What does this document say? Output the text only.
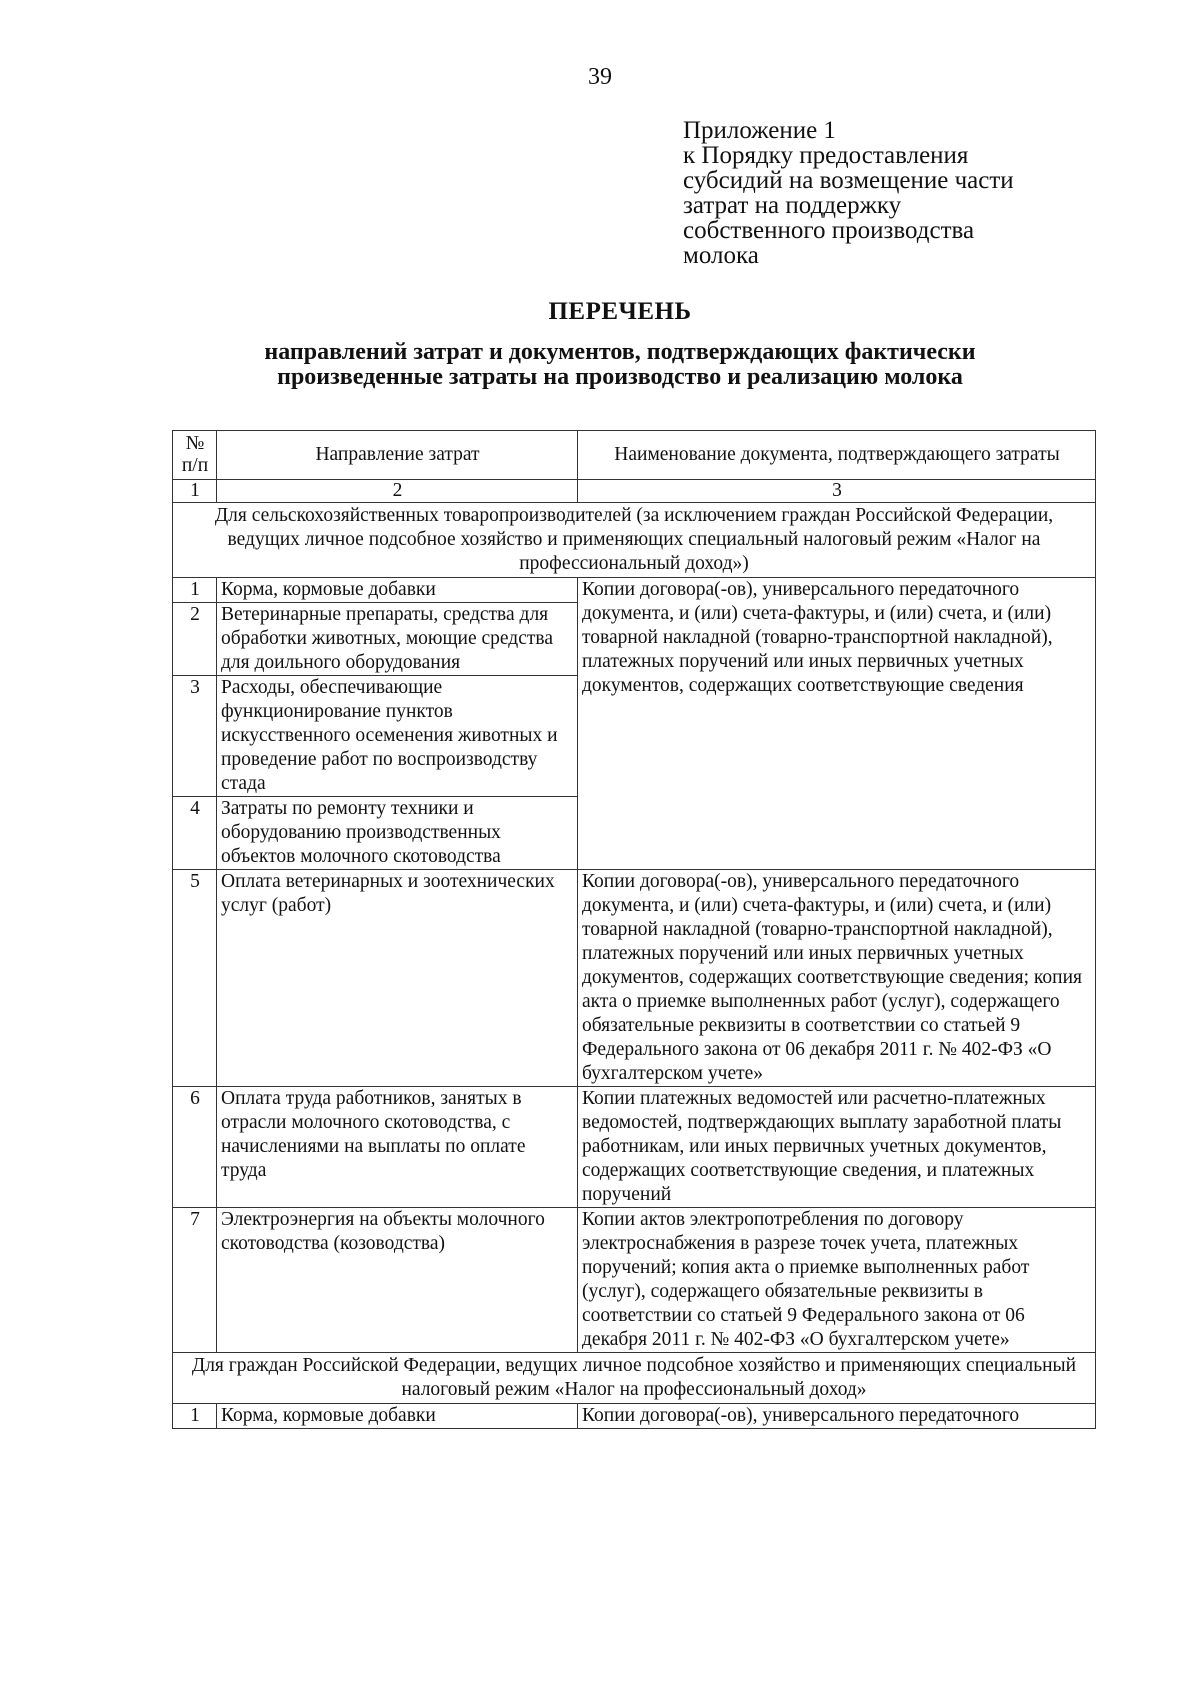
39
Приложение 1
к Порядку предоставления
субсидий на возмещение части
затрат на поддержку
собственного производства
молока
ПЕРЕЧЕНЬ
направлений затрат и документов, подтверждающих фактически
произведенные затраты на производство и реализацию молока
№
п/п	Направление затрат	Наименование документа, подтверждающего затраты
1	2	3
Для сельскохозяйственных товаропроизводителей (за исключением граждан Российской Федерации, ведущих личное подсобное хозяйство и применяющих специальный налоговый режим «Налог на профессиональный доход»)		
1	Корма, кормовые добавки	Копии договора(-ов), универсального передаточного документа, и (или) счета-фактуры, и (или) счета, и (или) товарной накладной (товарно-транспортной накладной), платежных поручений или иных первичных учетных документов, содержащих соответствующие сведения
2	Ветеринарные препараты, средства для обработки животных, моющие средства для доильного оборудования	
3	Расходы, обеспечивающие функционирование пунктов искусственного осеменения животных и проведение работ по воспроизводству стада	
4	Затраты по ремонту техники и оборудованию производственных объектов молочного скотоводства	
5	Оплата ветеринарных и зоотехнических услуг (работ)	Копии договора(-ов), универсального передаточного документа, и (или) счета-фактуры, и (или) счета, и (или) товарной накладной (товарно-транспортной накладной), платежных поручений или иных первичных учетных документов, содержащих соответствующие сведения; копия акта о приемке выполненных работ (услуг), содержащего обязательные реквизиты в соответствии со статьей 9 Федерального закона от 06 декабря 2011 г. № 402-ФЗ «О бухгалтерском учете»
6	Оплата труда работников, занятых в отрасли молочного скотоводства, с начислениями на выплаты по оплате труда	Копии платежных ведомостей или расчетно-платежных ведомостей, подтверждающих выплату заработной платы работникам, или иных первичных учетных документов, содержащих соответствующие сведения, и платежных поручений
7	Электроэнергия на объекты молочного скотоводства (козоводства)	Копии актов электропотребления по договору электроснабжения в разрезе точек учета, платежных поручений; копия акта о приемке выполненных работ (услуг), содержащего обязательные реквизиты в соответствии со статьей 9 Федерального закона от 06 декабря 2011 г. № 402-ФЗ «О бухгалтерском учете»
Для граждан Российской Федерации, ведущих личное подсобное хозяйство и применяющих специальный налоговый режим «Налог на профессиональный доход»		
1	Корма, кормовые добавки	Копии договора(-ов), универсального передаточного
